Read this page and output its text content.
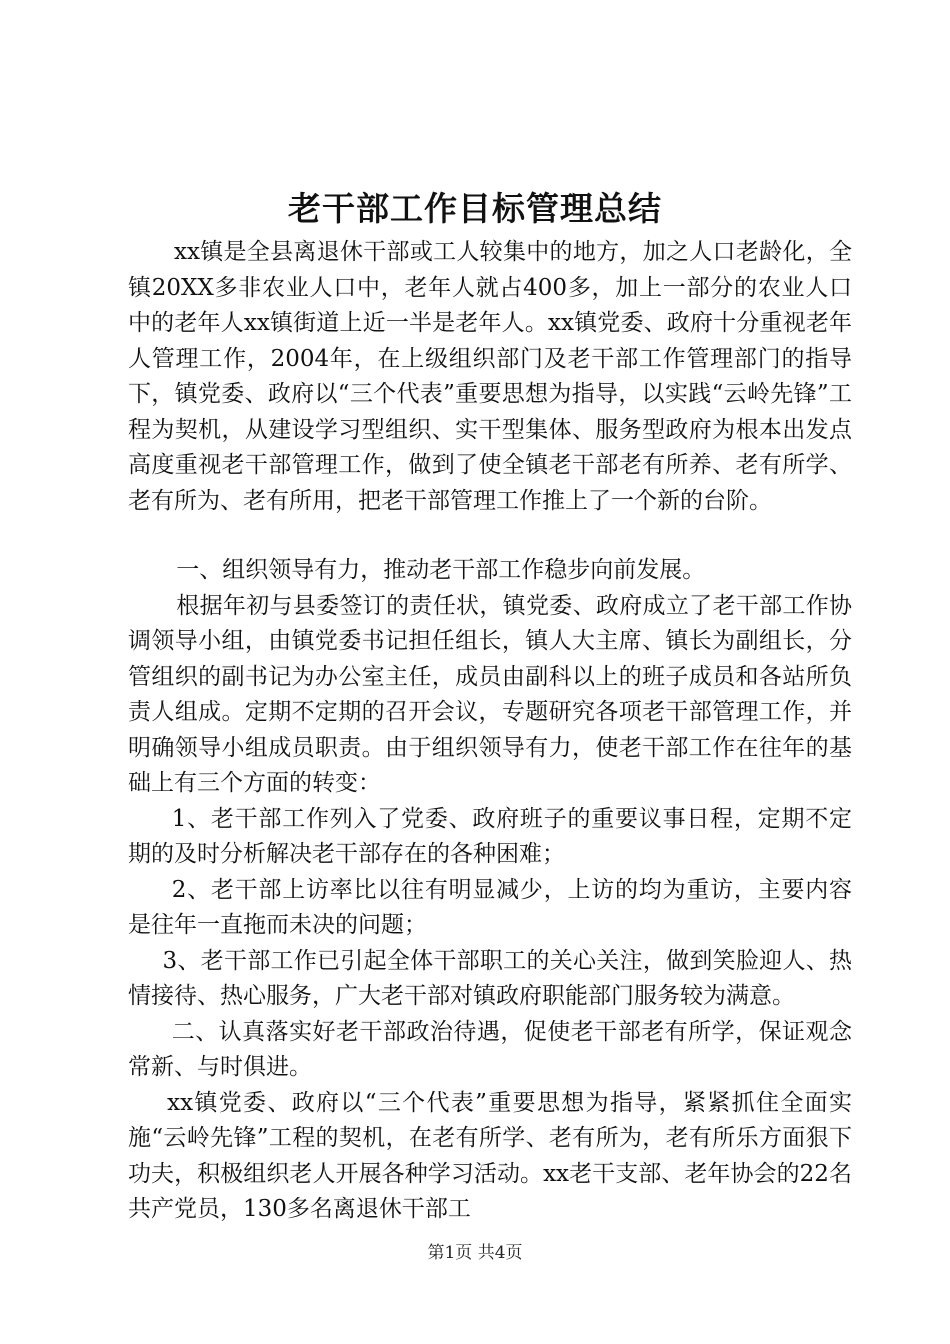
老干部工作目标管理总结

xx镇是全县离退休干部或工人较集中的地方，加之人口老龄化，全镇20XX多非农业人口中，老年人就占400多，加上一部分的农业人口中的老年人xx镇街道上近一半是老年人。xx镇党委、政府十分重视老年人管理工作，2004年，在上级组织部门及老干部工作管理部门的指导下，镇党委、政府以“三个代表”重要思想为指导，以实践“云岭先锋”工程为契机，从建设学习型组织、实干型集体、服务型政府为根本出发点高度重视老干部管理工作，做到了使全镇老干部老有所养、老有所学、老有所为、老有所用，把老干部管理工作推上了一个新的台阶。

一、组织领导有力，推动老干部工作稳步向前发展。

根据年初与县委签订的责任状，镇党委、政府成立了老干部工作协调领导小组，由镇党委书记担任组长，镇人大主席、镇长为副组长，分管组织的副书记为办公室主任，成员由副科以上的班子成员和各站所负责人组成。定期不定期的召开会议，专题研究各项老干部管理工作，并明确领导小组成员职责。由于组织领导有力，使老干部工作在往年的基础上有三个方面的转变：

1、老干部工作列入了党委、政府班子的重要议事日程，定期不定期的及时分析解决老干部存在的各种困难；

2、老干部上访率比以往有明显减少，上访的均为重访，主要内容是往年一直拖而未决的问题；

3、老干部工作已引起全体干部职工的关心关注，做到笑脸迎人、热情接待、热心服务，广大老干部对镇政府职能部门服务较为满意。

二、认真落实好老干部政治待遇，促使老干部老有所学，保证观念常新、与时俱进。

xx镇党委、政府以“三个代表”重要思想为指导，紧紧抓住全面实施“云岭先锋”工程的契机，在老有所学、老有所为，老有所乐方面狠下功夫，积极组织老人开展各种学习活动。xx老干支部、老年协会的22名共产党员，130多名离退休干部工

第1页 共4页
